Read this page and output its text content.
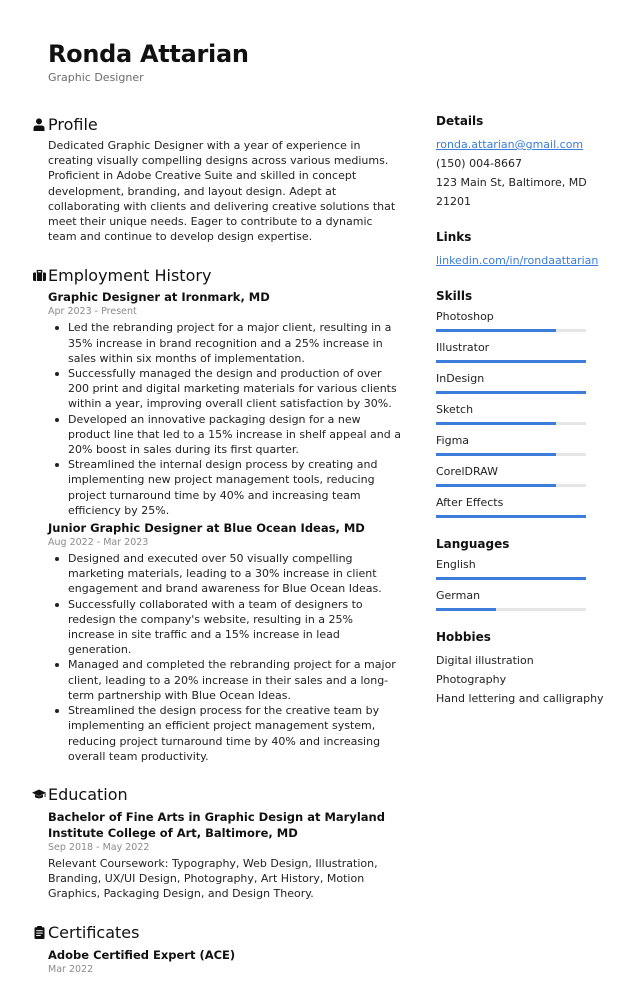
Ronda Attarian
Graphic Designer
Profile
Dedicated Graphic Designer with a year of experience in creating visually compelling designs across various mediums. Proficient in Adobe Creative Suite and skilled in concept development, branding, and layout design. Adept at collaborating with clients and delivering creative solutions that meet their unique needs. Eager to contribute to a dynamic team and continue to develop design expertise.
Employment History
Graphic Designer at Ironmark, MD
Apr 2023 - Present
Led the rebranding project for a major client, resulting in a 35% increase in brand recognition and a 25% increase in sales within six months of implementation.
Successfully managed the design and production of over 200 print and digital marketing materials for various clients within a year, improving overall client satisfaction by 30%.
Developed an innovative packaging design for a new product line that led to a 15% increase in shelf appeal and a 20% boost in sales during its first quarter.
Streamlined the internal design process by creating and implementing new project management tools, reducing project turnaround time by 40% and increasing team efficiency by 25%.
Junior Graphic Designer at Blue Ocean Ideas, MD
Aug 2022 - Mar 2023
Designed and executed over 50 visually compelling marketing materials, leading to a 30% increase in client engagement and brand awareness for Blue Ocean Ideas.
Successfully collaborated with a team of designers to redesign the company's website, resulting in a 25% increase in site traffic and a 15% increase in lead generation.
Managed and completed the rebranding project for a major client, leading to a 20% increase in their sales and a long-term partnership with Blue Ocean Ideas.
Streamlined the design process for the creative team by implementing an efficient project management system, reducing project turnaround time by 40% and increasing overall team productivity.
Education
Bachelor of Fine Arts in Graphic Design at Maryland Institute College of Art, Baltimore, MD
Sep 2018 - May 2022
Relevant Coursework: Typography, Web Design, Illustration, Branding, UX/UI Design, Photography, Art History, Motion Graphics, Packaging Design, and Design Theory.
Certificates
Adobe Certified Expert (ACE)
Mar 2022
Details
ronda.attarian@gmail.com
(150) 004-8667
123 Main St, Baltimore, MD 21201
Links
linkedin.com/in/rondaattarian
Skills
Photoshop
Illustrator
InDesign
Sketch
Figma
CorelDRAW
After Effects
Languages
English
German
Hobbies
Digital illustration
Photography
Hand lettering and calligraphy
